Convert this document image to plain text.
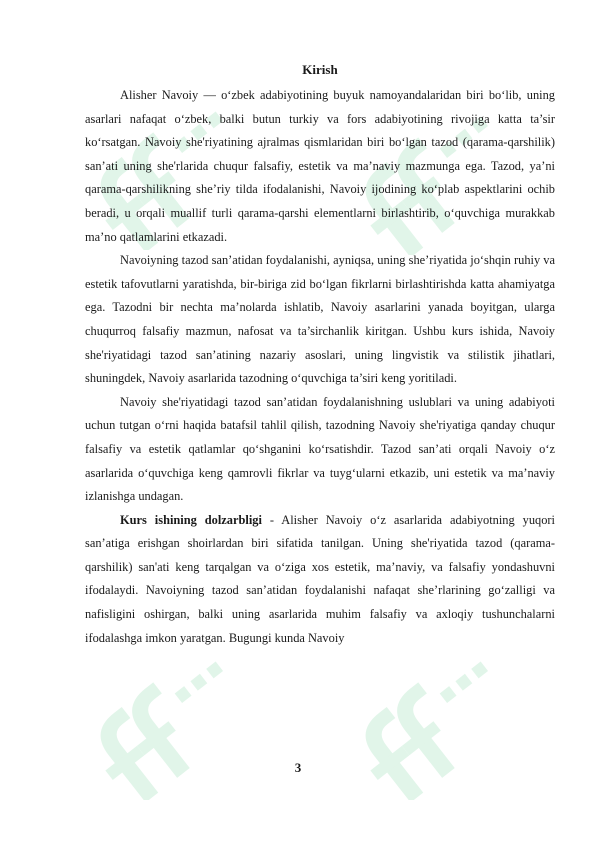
Kirish

Alisher Navoiy — o‘zbek adabiyotining buyuk namoyandalaridan biri bo‘lib, uning asarlari nafaqat o‘zbek, balki butun turkiy va fors adabiyotining rivojiga katta ta’sir ko‘rsatgan. Navoiy she'riyatining ajralmas qismlaridan biri bo‘lgan tazod (qarama-qarshilik) san’ati uning she'rlarida chuqur falsafiy, estetik va ma’naviy mazmunga ega. Tazod, ya’ni qarama-qarshilikning she’riy tilda ifodalanishi, Navoiy ijodining ko‘plab aspektlarini ochib beradi, u orqali muallif turli qarama-qarshi elementlarni birlashtirib, o‘quvchiga murakkab ma’no qatlamlarini etkazadi.

Navoiyning tazod san’atidan foydalanishi, ayniqsa, uning she’riyatida jo‘shqin ruhiy va estetik tafovutlarni yaratishda, bir-biriga zid bo‘lgan fikrlarni birlashtirishda katta ahamiyatga ega. Tazodni bir nechta ma’nolarda ishlatib, Navoiy asarlarini yanada boyitgan, ularga chuqurroq falsafiy mazmun, nafosat va ta’sirchanlik kiritgan. Ushbu kurs ishida, Navoiy she'riyatidagi tazod san’atining nazariy asoslari, uning lingvistik va stilistik jihatlari, shuningdek, Navoiy asarlarida tazodning o‘quvchiga ta’siri keng yoritiladi.

Navoiy she'riyatidagi tazod san’atidan foydalanishning uslublari va uning adabiyoti uchun tutgan o‘rni haqida batafsil tahlil qilish, tazodning Navoiy she'riyatiga qanday chuqur falsafiy va estetik qatlamlar qo‘shganini ko‘rsatishdir. Tazod san’ati orqali Navoiy o‘z asarlarida o‘quvchiga keng qamrovli fikrlar va tuyg‘ularni etkazib, uni estetik va ma’naviy izlanishga undagan.

Kurs ishining dolzarbligi - Alisher Navoiy o‘z asarlarida adabiyotning yuqori san’atiga erishgan shoirlardan biri sifatida tanilgan. Uning she'riyatida tazod (qarama-qarshilik) san'ati keng tarqalgan va o‘ziga xos estetik, ma’naviy, va falsafiy yondashuvni ifodalaydi. Navoiyning tazod san’atidan foydalanishi nafaqat she’rlarining go‘zalligi va nafisligini oshirgan, balki uning asarlarida muhim falsafiy va axloqiy tushunchalarni ifodalashga imkon yaratgan. Bugungi kunda Navoiy

3
